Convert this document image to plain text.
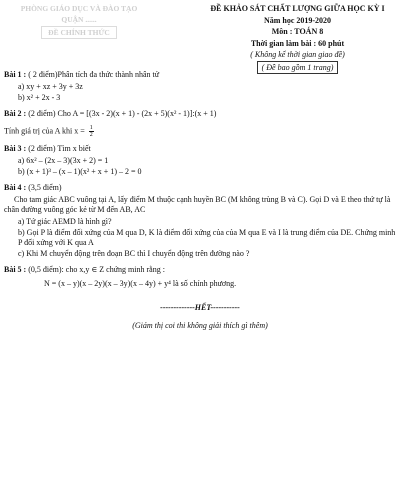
PHÒNG GIÁO DỤC VÀ ĐÀO TẠO
QUẬN ......
ĐỀ CHÍNH THỨC
ĐỀ KHẢO SÁT CHẤT LƯỢNG GIỮA HỌC KỲ I
Năm học 2019-2020
Môn : TOÁN 8
Thời gian làm bài : 60 phút
( Không kể thời gian giao đề)
( Đề bao gồm 1 trang)
Bài 1 : ( 2 điểm)Phân tích đa thức thành nhân tử
a) xy + xz + 3y + 3z
b) x² + 2x - 3
Bài 2 : (2 điểm) Cho A = [(3x - 2)(x + 1) - (2x + 5)(x² - 1)]:(x + 1)
Tính giá trị của A khi $x = \frac{1}{2}$
Bài 3 : (2 điểm) Tìm x biết
a) 6x² – (2x – 3)(3x + 2) = 1
b) (x + 1)³ – (x – 1)(x² + x + 1) – 2 = 0
Bài 4 : (3,5 điểm)
Cho tam giác ABC vuông tại A, lấy điểm M thuộc cạnh huyền BC (M không trùng B và C). Gọi D và E theo thứ tự là chân đường vuông góc kẻ từ M đến AB, AC
a) Tứ giác AEMD là hình gì?
b) Gọi P là điểm đối xứng của M qua D, K là điểm đối xứng của của M qua E và I là trung điểm của DE. Chứng minh P đối xứng với K qua A
c) Khi M chuyển động trên đoạn BC thì I chuyển động trên đường nào ?
Bài 5 : (0,5 điểm): cho x,y ∈ Z chứng minh rằng :
N = (x – y)(x – 2y)(x – 3y)(x – 4y) + y⁴ là số chính phương.
-------------HẾT-----------
(Giám thị coi thi không giải thích gì thêm)
